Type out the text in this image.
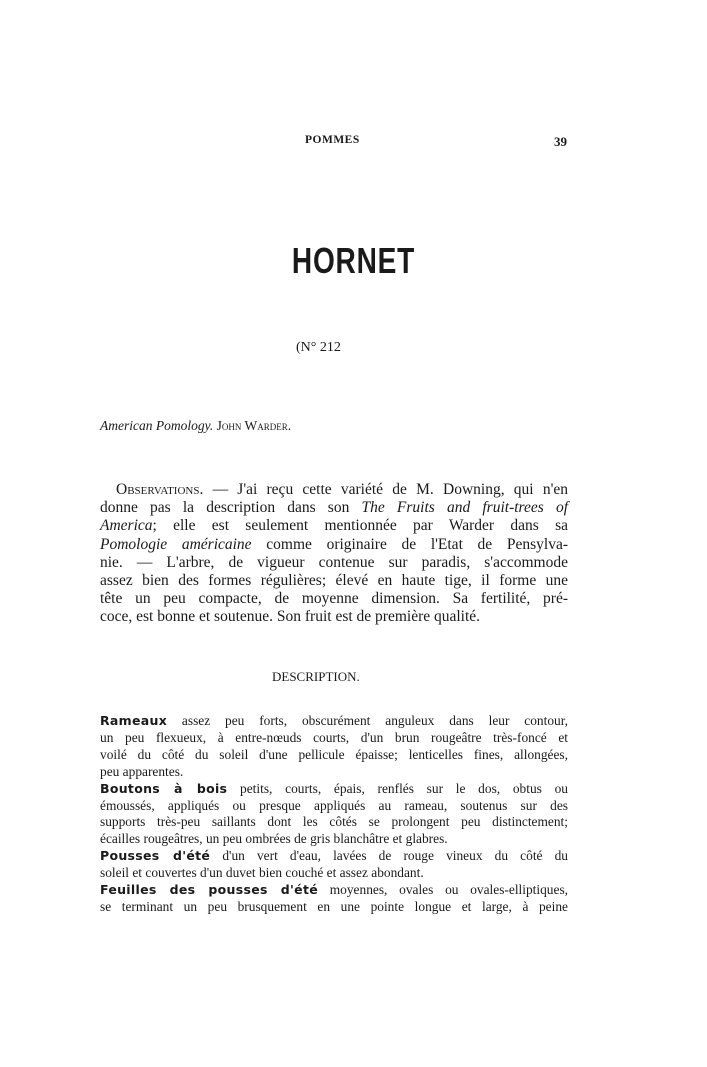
POMMES	39
HORNET
(N° 212
American Pomology. John Warder.
Observations. — J'ai reçu cette variété de M. Downing, qui n'en
donne pas la description dans son The Fruits and fruit-trees of
America; elle est seulement mentionnée par Warder dans sa
Pomologie américaine comme originaire de l'Etat de Pensylva-
nie. — L'arbre, de vigueur contenue sur paradis, s'accommode
assez bien des formes régulières; élevé en haute tige, il forme une
tête un peu compacte, de moyenne dimension. Sa fertilité, pré-
coce, est bonne et soutenue. Son fruit est de première qualité.
DESCRIPTION.
Rameaux assez peu forts, obscurément anguleux dans leur contour,
un peu flexueux, à entre-nœuds courts, d'un brun rougeâtre très-foncé et
voilé du côté du soleil d'une pellicule épaisse; lenticelles fines, allongées,
peu apparentes.
Boutons à bois petits, courts, épais, renflés sur le dos, obtus ou
émoussés, appliqués ou presque appliqués au rameau, soutenus sur des
supports très-peu saillants dont les côtés se prolongent peu distinctement;
écailles rougeâtres, un peu ombrées de gris blanchâtre et glabres.
Pousses d'été d'un vert d'eau, lavées de rouge vineux du côté du
soleil et couvertes d'un duvet bien couché et assez abondant.
Feuilles des pousses d'été moyennes, ovales ou ovales-elliptiques,
se terminant un peu brusquement en une pointe longue et large, à peine
